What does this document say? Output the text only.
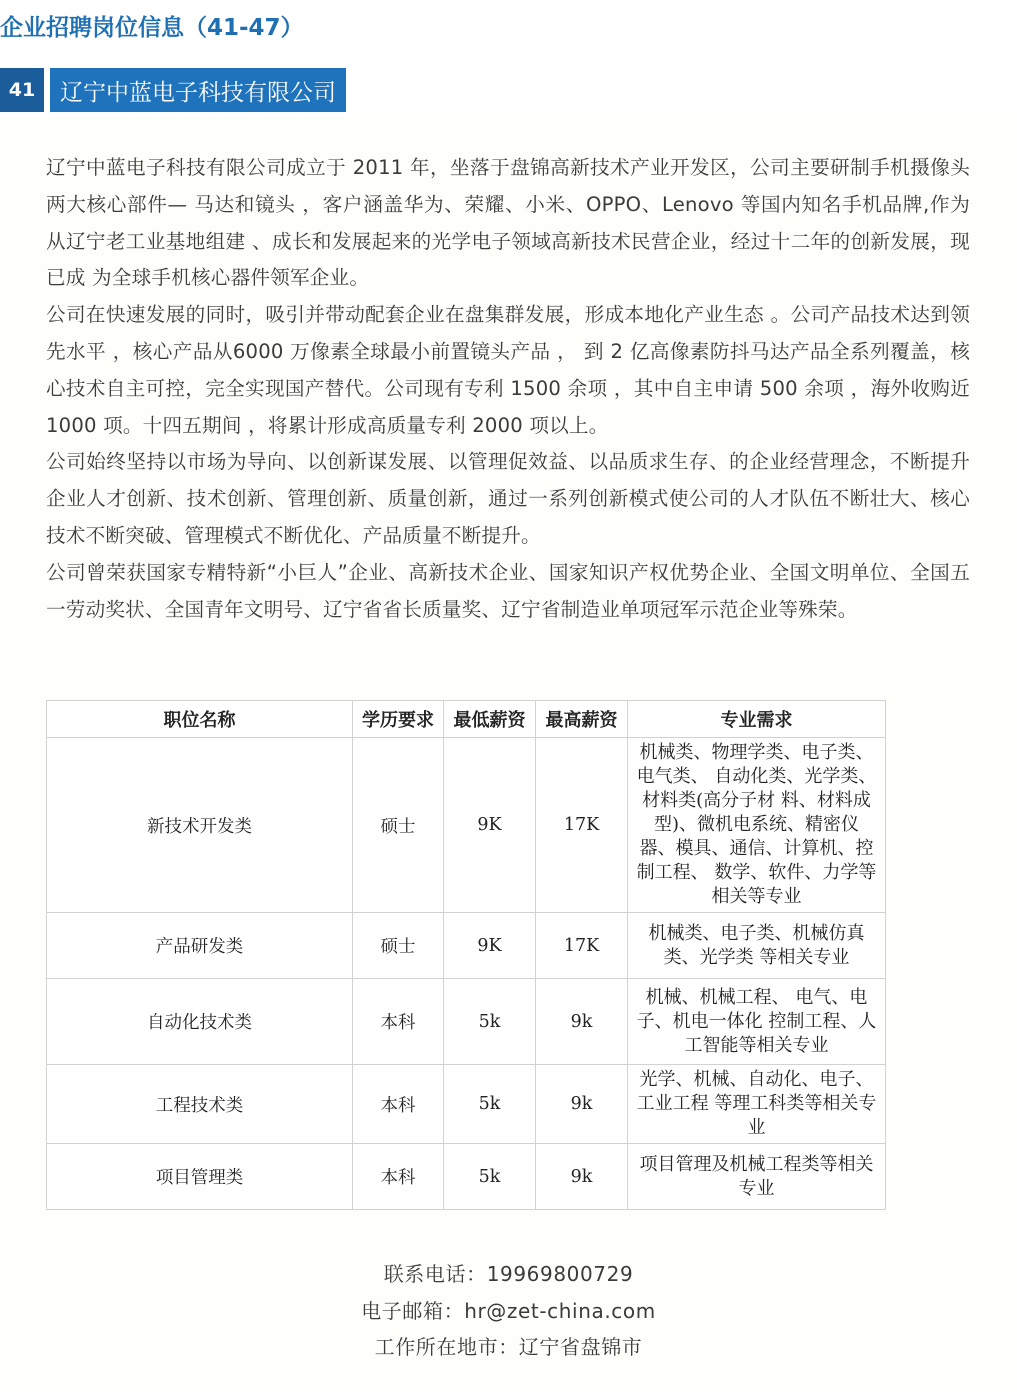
企业招聘岗位信息（41-47）
41	辽宁中蓝电子科技有限公司

辽宁中蓝电子科技有限公司成立于 2011 年，坐落于盘锦高新技术产业开发区，公司主要研制手机摄像头两大核心部件— 马达和镜头 ，客户涵盖华为、荣耀、小米、OPPO、Lenovo 等国内知名手机品牌,作为从辽宁老工业基地组建 、成长和发展起来的光学电子领域高新技术民营企业，经过十二年的创新发展，现已成 为全球手机核心器件领军企业。

公司在快速发展的同时，吸引并带动配套企业在盘集群发展，形成本地化产业生态 。公司产品技术达到领先水平 ，核心产品从6000 万像素全球最小前置镜头产品 ， 到 2 亿高像素防抖马达产品全系列覆盖，核心技术自主可控，完全实现国产替代。公司现有专利 1500 余项 ，其中自主申请 500 余项 ，海外收购近 1000 项。十四五期间 ，将累计形成高质量专利 2000 项以上。

公司始终坚持以市场为导向、以创新谋发展、以管理促效益、以品质求生存、的企业经营理念，不断提升企业人才创新、技术创新、管理创新、质量创新，通过一系列创新模式使公司的人才队伍不断壮大、核心技术不断突破、管理模式不断优化、产品质量不断提升。

公司曾荣获国家专精特新“小巨人”企业、高新技术企业、国家知识产权优势企业、全国文明单位、全国五一劳动奖状、全国青年文明号、辽宁省省长质量奖、辽宁省制造业单项冠军示范企业等殊荣。

职位名称	学历要求	最低薪资	最高薪资	专业需求
新技术开发类	硕士	9K	17K	机械类、物理学类、电子类、电气类、 自动化类、光学类、材料类(高分子材 料、材料成型)、微机电系统、精密仪 器、模具、通信、计算机、控制工程、 数学、软件、力学等相关等专业
产品研发类	硕士	9K	17K	机械类、电子类、机械仿真类、光学类 等相关专业
自动化技术类	本科	5k	9k	机械、机械工程、 电气、电子、机电一体化 控制工程、人工智能等相关专业
工程技术类	本科	5k	9k	光学、机械、自动化、电子、工业工程 等理工科类等相关专业
项目管理类	本科	5k	9k	项目管理及机械工程类等相关专业
联系电话：19969800729
电子邮箱：hr@zet-china.com
工作所在地市：辽宁省盘锦市
